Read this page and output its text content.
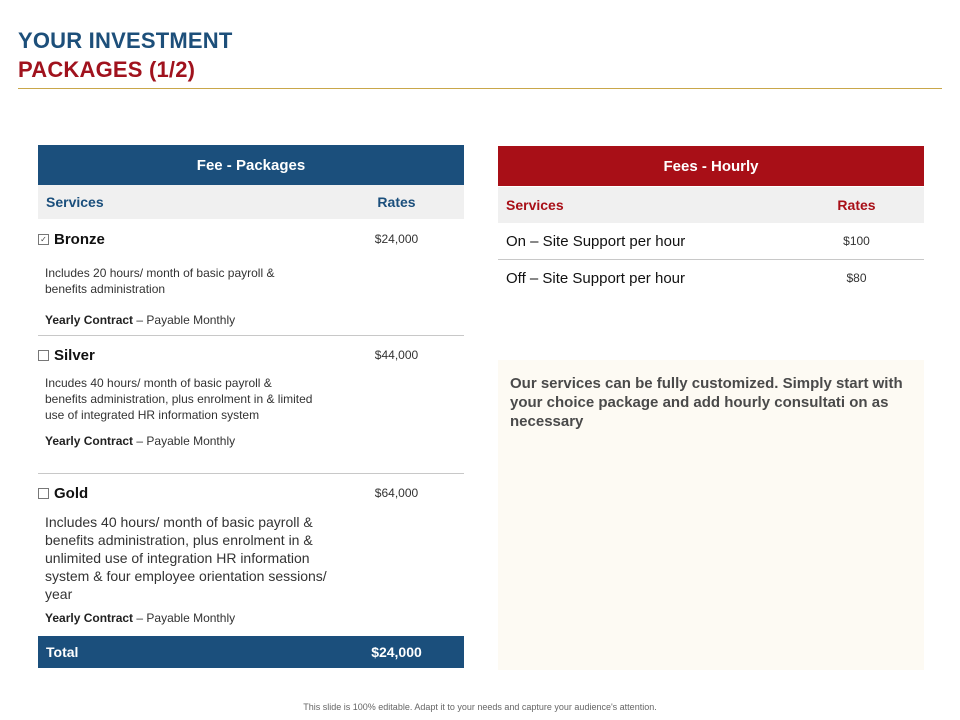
YOUR INVESTMENT
PACKAGES (1/2)
Fee - Packages
Services	Rates
✓ Bronze	$24,000
Includes 20 hours/ month of basic payroll & benefits administration
Yearly Contract – Payable Monthly
Silver	$44,000
Incudes 40 hours/ month of basic payroll & benefits administration, plus enrolment in & limited use of integrated HR information system
Yearly Contract – Payable Monthly
Gold	$64,000
Includes 40 hours/ month of basic payroll & benefits administration, plus enrolment in & unlimited use of integration HR information system & four employee orientation sessions/ year
Yearly Contract – Payable Monthly
Total	$24,000
Fees - Hourly
Services	Rates
On – Site Support per hour	$100
Off – Site Support per hour	$80

Our services can be fully customized. Simply start with your choice package and add hourly consultati on as necessary

This slide is 100% editable. Adapt it to your needs and capture your audience's attention.
